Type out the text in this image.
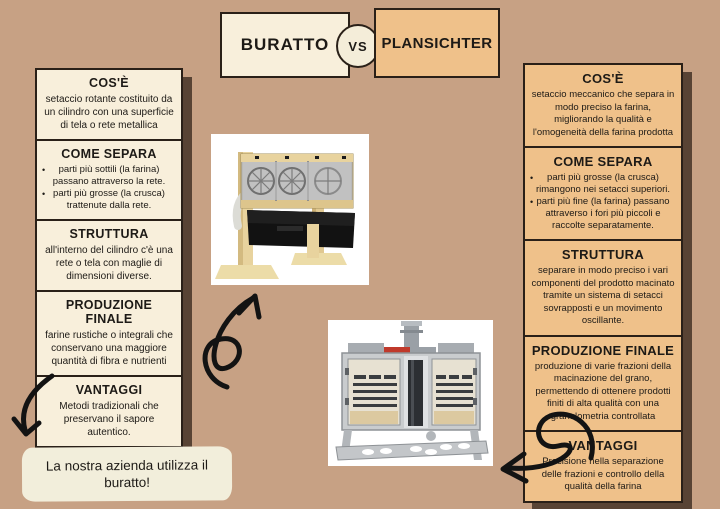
BURATTO VS PLANSICHTER
COS'È

setaccio rotante costituito da un cilindro con una superficie di tela o rete metallica

COME SEPARA
• parti più sottili (la farina) passano attraverso la rete.
• parti più grosse (la crusca) trattenute dalla rete.
STRUTTURA

all'interno del cilindro c'è una rete o tela con maglie di dimensioni diverse.

PRODUZIONE FINALE

farine rustiche o integrali che conservano una maggiore quantità di fibra e nutrienti

VANTAGGI

Metodi tradizionali che preservano il sapore autentico.

COS'È

setaccio meccanico che separa in modo preciso la farina, migliorando la qualità e l'omogeneità della farina prodotta

COME SEPARA
• parti più grosse (la crusca) rimangono nei setacci superiori.
• parti più fine (la farina) passano attraverso i fori più piccoli e raccolte separatamente.
STRUTTURA

separare in modo preciso i vari componenti del prodotto macinato tramite un sistema di setacci sovrapposti e un movimento oscillante.

PRODUZIONE FINALE

produzione di varie frazioni della macinazione del grano, permettendo di ottenere prodotti finiti di alta qualità con una granulometria controllata

VANTAGGI

Precisione nella separazione delle frazioni e controllo della qualità della farina

La nostra azienda utilizza il buratto!
